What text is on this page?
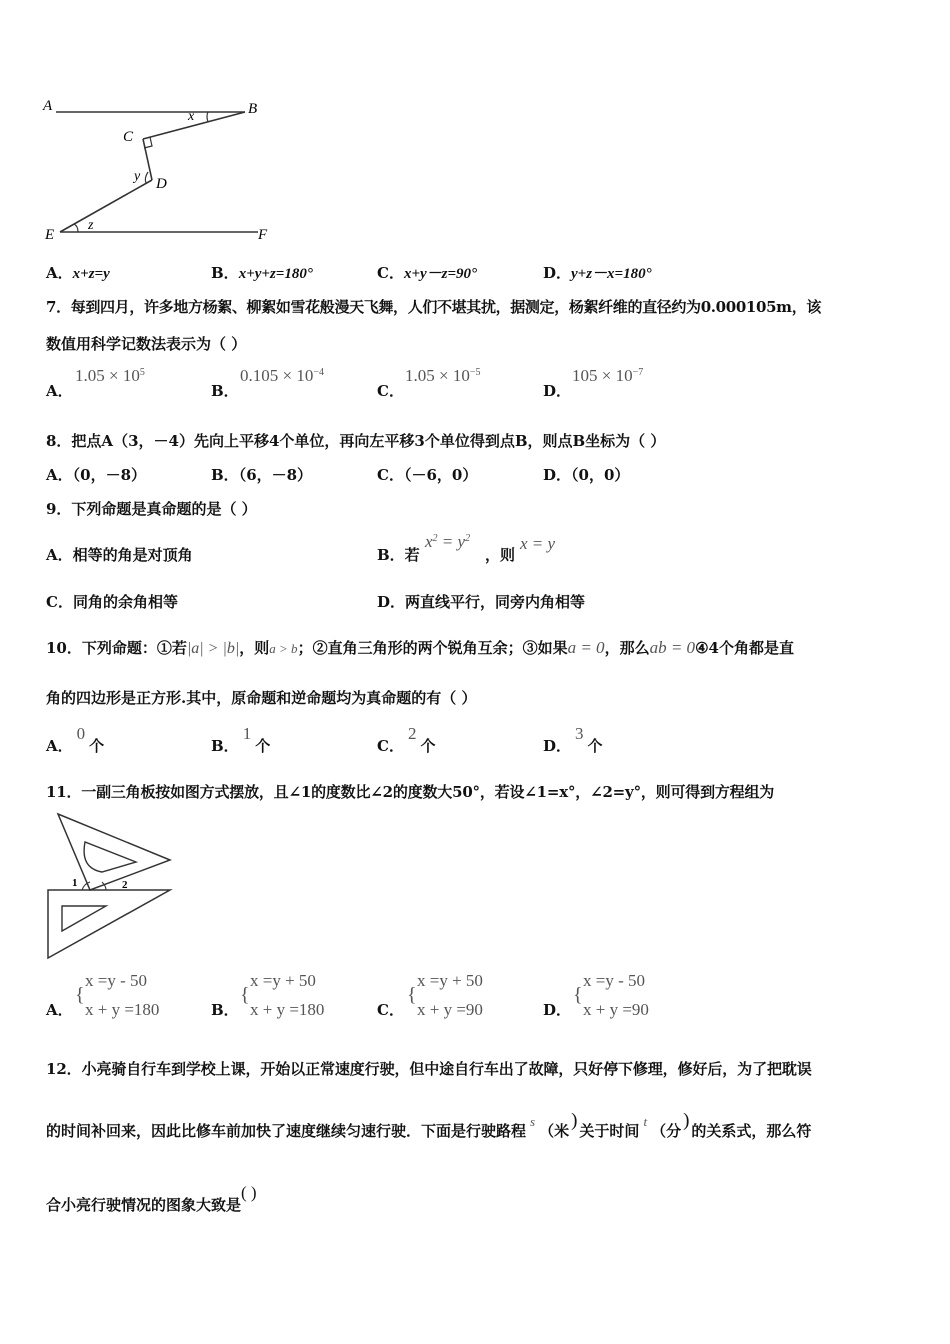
A	B
C
D
E	F
x
y
z
A．x+z=y	B．x+y+z=180°	C．x+y－z=90°	D．y+z－x=180°
7．每到四月，许多地方杨絮、柳絮如雪花般漫天飞舞，人们不堪其扰，据测定，杨絮纤维的直径约为0.000105m，该
数值用科学记数法表示为（ ）
A．
$1.05 \times 10^5$
B．
$0.105 \times 10^{-4}$
C．
$1.05 \times 10^{-5}$
D．
$105 \times 10^{-7}$
8．把点A（3，－4）先向上平移4个单位，再向左平移3个单位得到点B，则点B坐标为（ ）
A．（0，－8）	B．（6，－8）	C．（－6，0）	D．（0，0）
9．下列命题是真命题的是（ ）
A．相等的角是对顶角	B．若
$x^2 = y^2$
，则
x = y
C．同角的余角相等	D．两直线平行，同旁内角相等
10．下列命题：①若|a| > |b|，则a > b；②直角三角形的两个锐角互余；③如果a = 0，那么ab = 0④4个角都是直
角的四边形是正方形.其中，原命题和逆命题均为真命题的有（ ）
A．0个	B．1个	C．2个	D．3个
11．一副三角板按如图方式摆放，且∠1的度数比∠2的度数大50°，若设∠1=x°，∠2=y°，则可得到方程组为
1	2
A．
{
x =y - 50
x + y =180	B．
{
x =y + 50
x + y =180	C．
{
x =y + 50
x + y =90	D．
{
x =y - 50
x + y =90
12．小亮骑自行车到学校上课，开始以正常速度行驶，但中途自行车出了故障，只好停下修理，修好后，为了把耽误
的时间补回来，因此比修车前加快了速度继续匀速行驶．下面是行驶路程s（米 ) 关于时间t（分 ) 的关系式，那么符
合小亮行驶情况的图象大致是( )
